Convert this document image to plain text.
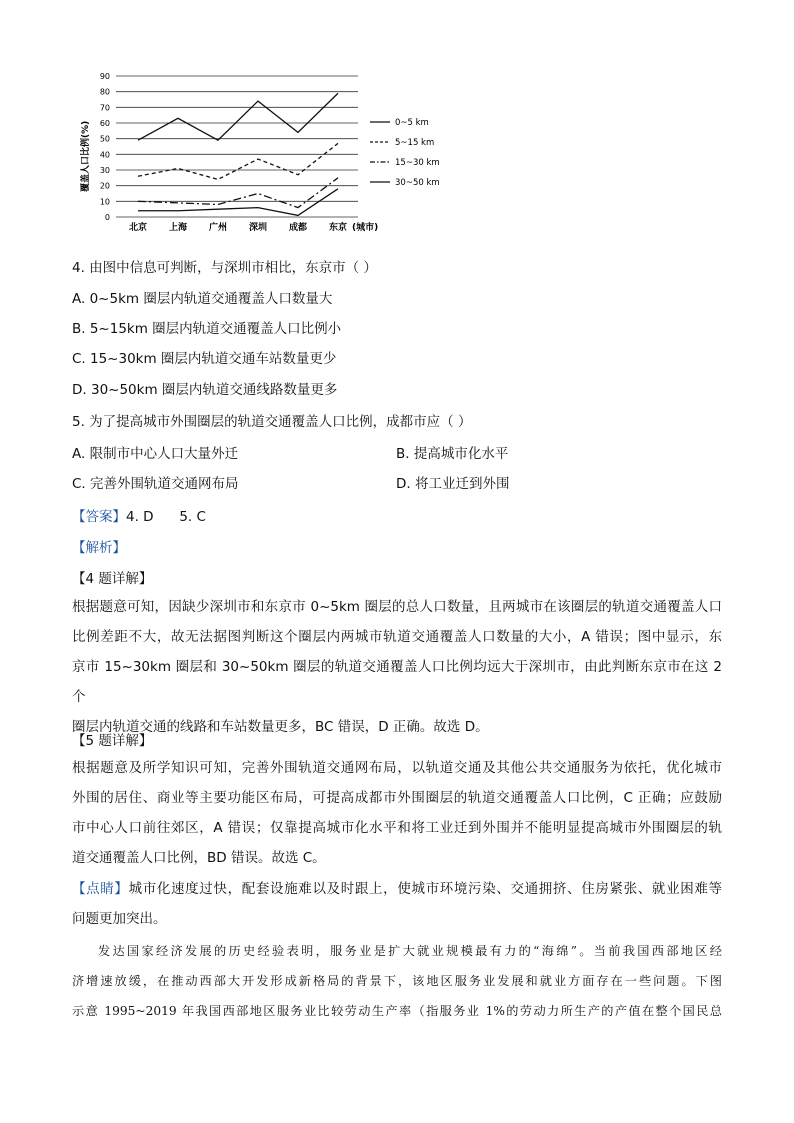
0
10
20
30
40
50
60
70
80
90
北京 上海 广州 深圳 成都 东京
0~5 km
5~15 km
15~30 km
30~50 km
覆盖人口比例(%)
(城市)
4. 由图中信息可判断，与深圳市相比，东京市（ ）
A. 0~5km 圈层内轨道交通覆盖人口数量大
B. 5~15km 圈层内轨道交通覆盖人口比例小
C. 15~30km 圈层内轨道交通车站数量更少
D. 30~50km 圈层内轨道交通线路数量更多
5. 为了提高城市外围圈层的轨道交通覆盖人口比例，成都市应（ ）
A. 限制市中心人口大量外迁	B. 提高城市化水平
C. 完善外围轨道交通网布局	D. 将工业迁到外围
【答案】4. D      5. C
【解析】
【4 题详解】

根据题意可知，因缺少深圳市和东京市 0~5km 圈层的总人口数量，且两城市在该圈层的轨道交通覆盖人口

比例差距不大，故无法据图判断这个圈层内两城市轨道交通覆盖人口数量的大小，A 错误；图中显示，东

京市 15~30km 圈层和 30~50km 圈层的轨道交通覆盖人口比例均远大于深圳市，由此判断东京市在这 2 个

圈层内轨道交通的线路和车站数量更多，BC 错误，D 正确。故选 D。

【5 题详解】

根据题意及所学知识可知，完善外围轨道交通网布局，以轨道交通及其他公共交通服务为依托，优化城市

外围的居住、商业等主要功能区布局，可提高成都市外围圈层的轨道交通覆盖人口比例，C 正确；应鼓励

市中心人口前往郊区，A 错误；仅靠提高城市化水平和将工业迁到外围并不能明显提高城市外围圈层的轨

道交通覆盖人口比例，BD 错误。故选 C。

【点睛】城市化速度过快，配套设施难以及时跟上，使城市环境污染、交通拥挤、住房紧张、就业困难等

问题更加突出。

发达国家经济发展的历史经验表明，服务业是扩大就业规模最有力的“海绵”。当前我国西部地区经

济增速放缓，在推动西部大开发形成新格局的背景下，该地区服务业发展和就业方面存在一些问题。下图

示意 1995~2019 年我国西部地区服务业比较劳动生产率（指服务业 1%的劳动力所生产的产值在整个国民总
